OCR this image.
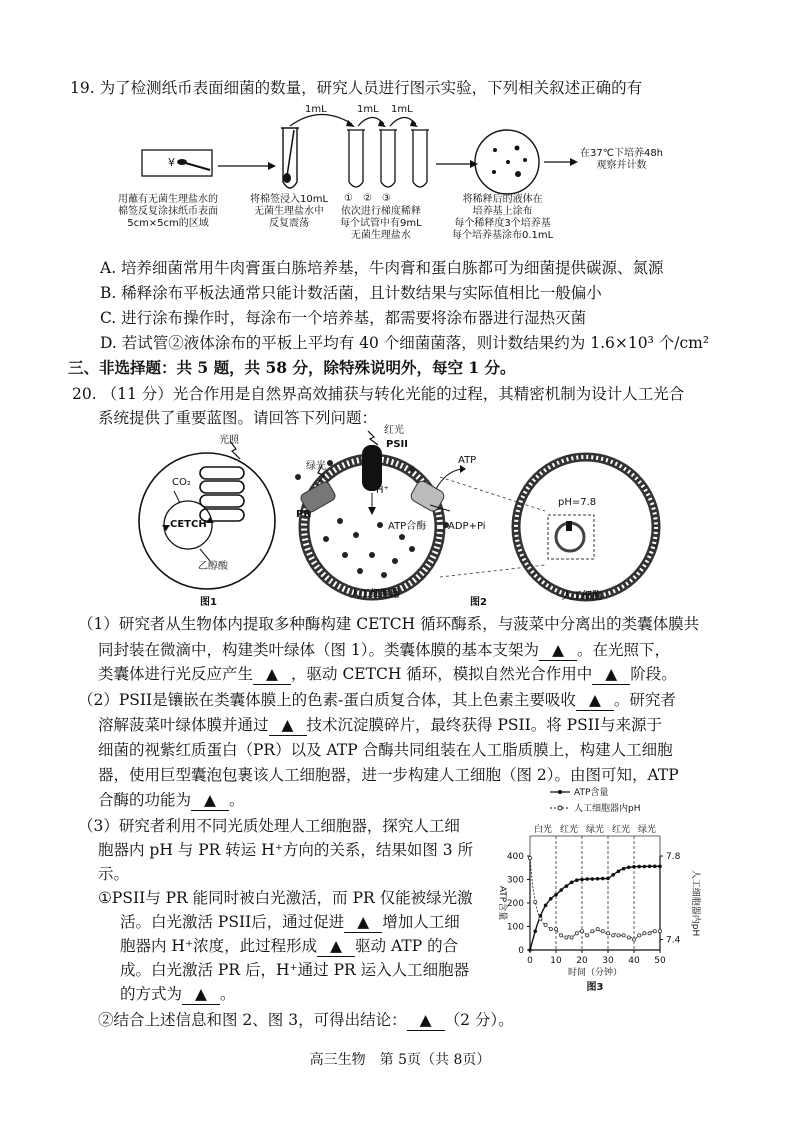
19. 为了检测纸币表面细菌的数量，研究人员进行图示实验，下列相关叙述正确的有
1mL	1mL 1mL
¥
用蘸有无菌生理盐水的
棉签反复涂抹纸币表面
5cm×5cm的区域
将棉签浸入10mL
无菌生理盐水中
反复震荡
①　②　③
依次进行梯度稀释
每个试管中有9mL
无菌生理盐水
将稀释后的液体在
培养基上涂布
每个稀释度3个培养基
每个培养基涂布0.1mL
在37℃下培养48h
观察并计数
A. 培养细菌常用牛肉膏蛋白胨培养基，牛肉膏和蛋白胨都可为细菌提供碳源、氮源
B. 稀释涂布平板法通常只能计数活菌，且计数结果与实际值相比一般偏小
C. 进行涂布操作时，每涂布一个培养基，都需要将涂布器进行湿热灭菌
D. 若试管②液体涂布的平板上平均有 40 个细菌菌落，则计数结果约为 1.6×10³ 个/cm²
三、非选择题：共 5 题，共 58 分，除特殊说明外，每空 1 分。
20. （11 分）光合作用是自然界高效捕获与转化光能的过程，其精密机制为设计人工光合
系统提供了重要蓝图。请回答下列问题：
光照
CO₂
CETCH
乙醇酸
红光
PSII
绿光
PR
H⁺
ATP
ATP合酶 ADP+Pi
pH=7.8
人工细胞器	人工细胞
图1	图2
（1）研究者从生物体内提取多种酶构建 CETCH 循环酶系，与菠菜中分离出的类囊体膜共
同封装在微滴中，构建类叶绿体（图 1）。类囊体膜的基本支架为 ▲ 。在光照下，
类囊体进行光反应产生 ▲ ，驱动 CETCH 循环，模拟自然光合作用中 ▲ 阶段。
（2）PSII是镶嵌在类囊体膜上的色素-蛋白质复合体，其上色素主要吸收 ▲ 。研究者
溶解菠菜叶绿体膜并通过 ▲ 技术沉淀膜碎片，最终获得 PSII。将 PSII与来源于
细菌的视紫红质蛋白（PR）以及 ATP 合酶共同组装在人工脂质膜上，构建人工细胞
器，使用巨型囊泡包裹该人工细胞器，进一步构建人工细胞（图 2）。由图可知，ATP
合酶的功能为 ▲ 。
（3）研究者利用不同光质处理人工细胞器，探究人工细
胞器内 pH 与 PR 转运 H⁺方向的关系，结果如图 3 所
示。
①PSII与 PR 能同时被白光激活，而 PR 仅能被绿光激
活。白光激活 PSII后，通过促进 ▲ 增加人工细
胞器内 H⁺浓度，此过程形成 ▲ 驱动 ATP 的合
成。白光激活 PR 后，H⁺通过 PR 运入人工细胞器
的方式为 ▲ 。
②结合上述信息和图 2、图 3，可得出结论： ▲ （2 分）。
ATP含量
人工细胞器内pH
白光 红光 绿光 红光 绿光
0
100
200
300
400
0 10 20 30 40 50
7.4
7.8
时间（分钟）
ATP含量	人工细胞器内pH
图3
高三生物　第 5页（共 8页）
